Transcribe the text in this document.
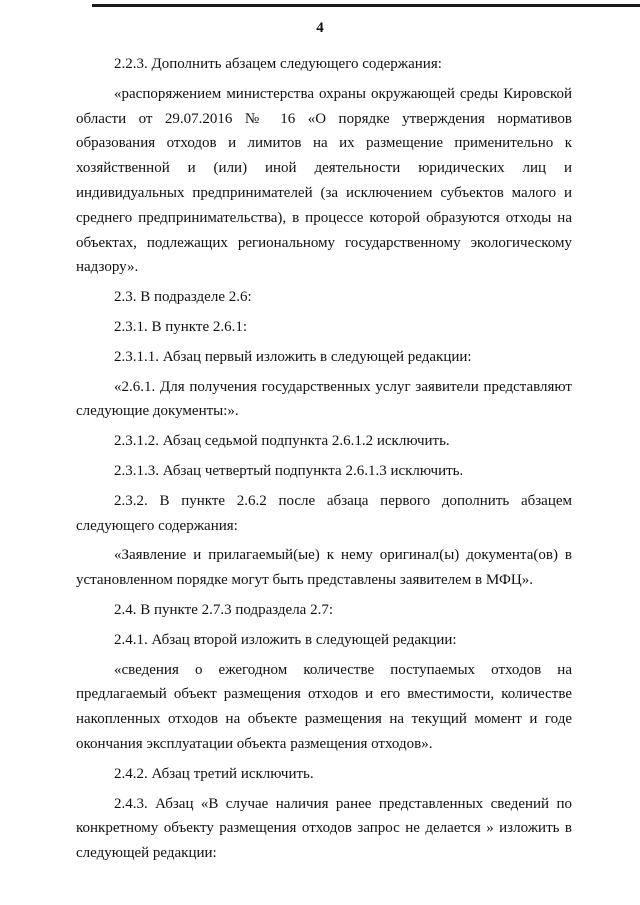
4

2.2.3. Дополнить абзацем следующего содержания:

«распоряжением министерства охраны окружающей среды Кировской области от 29.07.2016 № 16 «О порядке утверждения нормативов образования отходов и лимитов на их размещение применительно к хозяйственной и (или) иной деятельности юридических лиц и индивидуальных предпринимателей (за исключением субъектов малого и среднего предпринимательства), в процессе которой образуются отходы на объектах, подлежащих региональному государственному экологическому надзору».

2.3. В подразделе 2.6:

2.3.1. В пункте 2.6.1:

2.3.1.1. Абзац первый изложить в следующей редакции:

«2.6.1. Для получения государственных услуг заявители представляют следующие документы:».

2.3.1.2. Абзац седьмой подпункта 2.6.1.2 исключить.

2.3.1.3. Абзац четвертый подпункта 2.6.1.3 исключить.

2.3.2. В пункте 2.6.2 после абзаца первого дополнить абзацем следующего содержания:

«Заявление и прилагаемый(ые) к нему оригинал(ы) документа(ов) в установленном порядке могут быть представлены заявителем в МФЦ».

2.4. В пункте 2.7.3 подраздела 2.7:

2.4.1. Абзац второй изложить в следующей редакции:

«сведения о ежегодном количестве поступаемых отходов на предлагаемый объект размещения отходов и его вместимости, количестве накопленных отходов на объекте размещения на текущий момент и годе окончания эксплуатации объекта размещения отходов».

2.4.2. Абзац третий исключить.

2.4.3. Абзац «В случае наличия ранее представленных сведений по конкретному объекту размещения отходов запрос не делается » изложить в следующей редакции:
